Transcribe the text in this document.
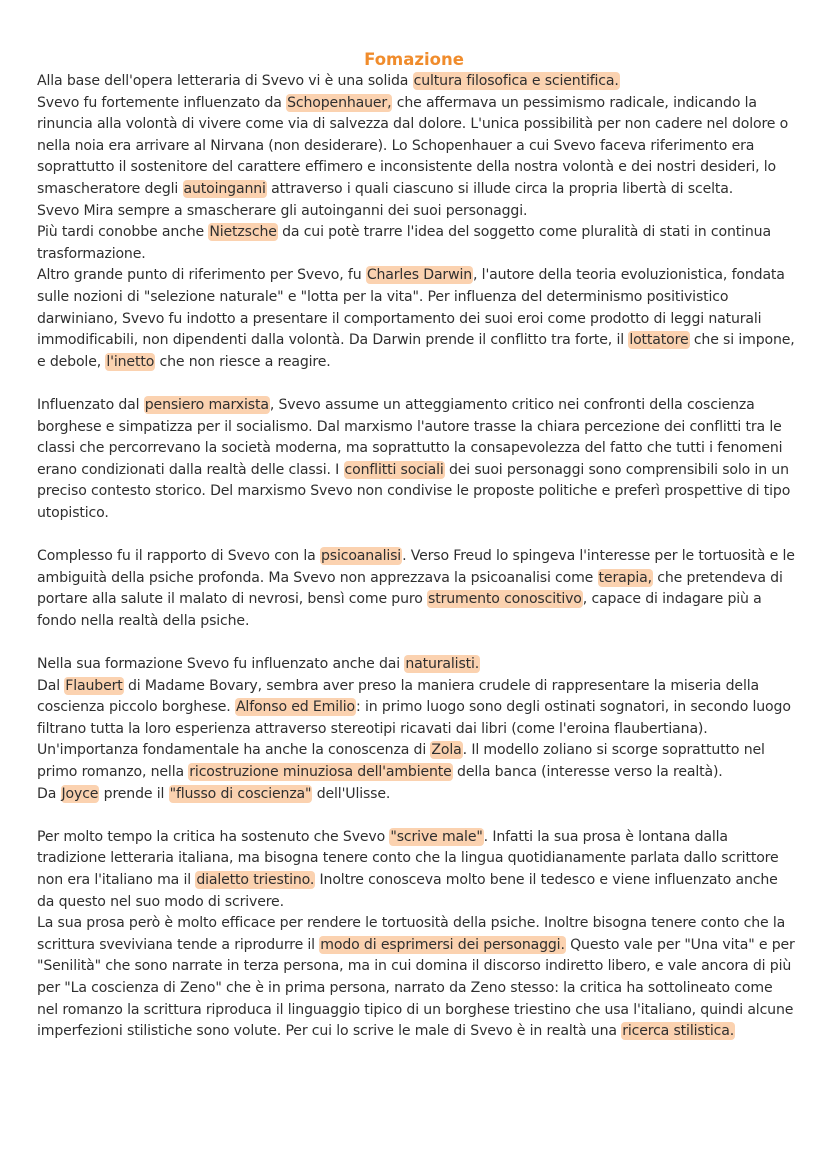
Fomazione

Alla base dell'opera letteraria di Svevo vi è una solida cultura filosofica e scientifica.

Svevo fu fortemente influenzato da Schopenhauer, che affermava un pessimismo radicale, indicando la rinuncia alla volontà di vivere come via di salvezza dal dolore. L'unica possibilità per non cadere nel dolore o nella noia era arrivare al Nirvana (non desiderare). Lo Schopenhauer a cui Svevo faceva riferimento era soprattutto il sostenitore del carattere effimero e inconsistente della nostra volontà e dei nostri desideri, lo smascheratore degli autoinganni attraverso i quali ciascuno si illude circa la propria libertà di scelta.

Svevo Mira sempre a smascherare gli autoinganni dei suoi personaggi.

Più tardi conobbe anche Nietzsche da cui potè trarre l'idea del soggetto come pluralità di stati in continua trasformazione.

Altro grande punto di riferimento per Svevo, fu Charles Darwin, l'autore della teoria evoluzionistica, fondata sulle nozioni di "selezione naturale" e "lotta per la vita". Per influenza del determinismo positivistico darwiniano, Svevo fu indotto a presentare il comportamento dei suoi eroi come prodotto di leggi naturali immodificabili, non dipendenti dalla volontà. Da Darwin prende il conflitto tra forte, il lottatore che si impone, e debole, l'inetto che non riesce a reagire.

Influenzato dal pensiero marxista, Svevo assume un atteggiamento critico nei confronti della coscienza borghese e simpatizza per il socialismo. Dal marxismo l'autore trasse la chiara percezione dei conflitti tra le classi che percorrevano la società moderna, ma soprattutto la consapevolezza del fatto che tutti i fenomeni erano condizionati dalla realtà delle classi. I conflitti sociali dei suoi personaggi sono comprensibili solo in un preciso contesto storico. Del marxismo Svevo non condivise le proposte politiche e preferì prospettive di tipo utopistico.

Complesso fu il rapporto di Svevo con la psicoanalisi. Verso Freud lo spingeva l'interesse per le tortuosità e le ambiguità della psiche profonda. Ma Svevo non apprezzava la psicoanalisi come terapia, che pretendeva di portare alla salute il malato di nevrosi, bensì come puro strumento conoscitivo, capace di indagare più a fondo nella realtà della psiche.

Nella sua formazione Svevo fu influenzato anche dai naturalisti.

Dal Flaubert di Madame Bovary, sembra aver preso la maniera crudele di rappresentare la miseria della coscienza piccolo borghese. Alfonso ed Emilio: in primo luogo sono degli ostinati sognatori, in secondo luogo filtrano tutta la loro esperienza attraverso stereotipi ricavati dai libri (come l'eroina flaubertiana).

Un'importanza fondamentale ha anche la conoscenza di Zola. Il modello zoliano si scorge soprattutto nel primo romanzo, nella ricostruzione minuziosa dell'ambiente della banca (interesse verso la realtà).

Da Joyce prende il "flusso di coscienza" dell'Ulisse.

Per molto tempo la critica ha sostenuto che Svevo "scrive male". Infatti la sua prosa è lontana dalla tradizione letteraria italiana, ma bisogna tenere conto che la lingua quotidianamente parlata dallo scrittore non era l'italiano ma il dialetto triestino. Inoltre conosceva molto bene il tedesco e viene influenzato anche da questo nel suo modo di scrivere.

La sua prosa però è molto efficace per rendere le tortuosità della psiche. Inoltre bisogna tenere conto che la scrittura sveviviana tende a riprodurre il modo di esprimersi dei personaggi. Questo vale per "Una vita" e per "Senilità" che sono narrate in terza persona, ma in cui domina il discorso indiretto libero, e vale ancora di più per "La coscienza di Zeno" che è in prima persona, narrato da Zeno stesso: la critica ha sottolineato come nel romanzo la scrittura riproduca il linguaggio tipico di un borghese triestino che usa l'italiano, quindi alcune imperfezioni stilistiche sono volute. Per cui lo scrive le male di Svevo è in realtà una ricerca stilistica.
